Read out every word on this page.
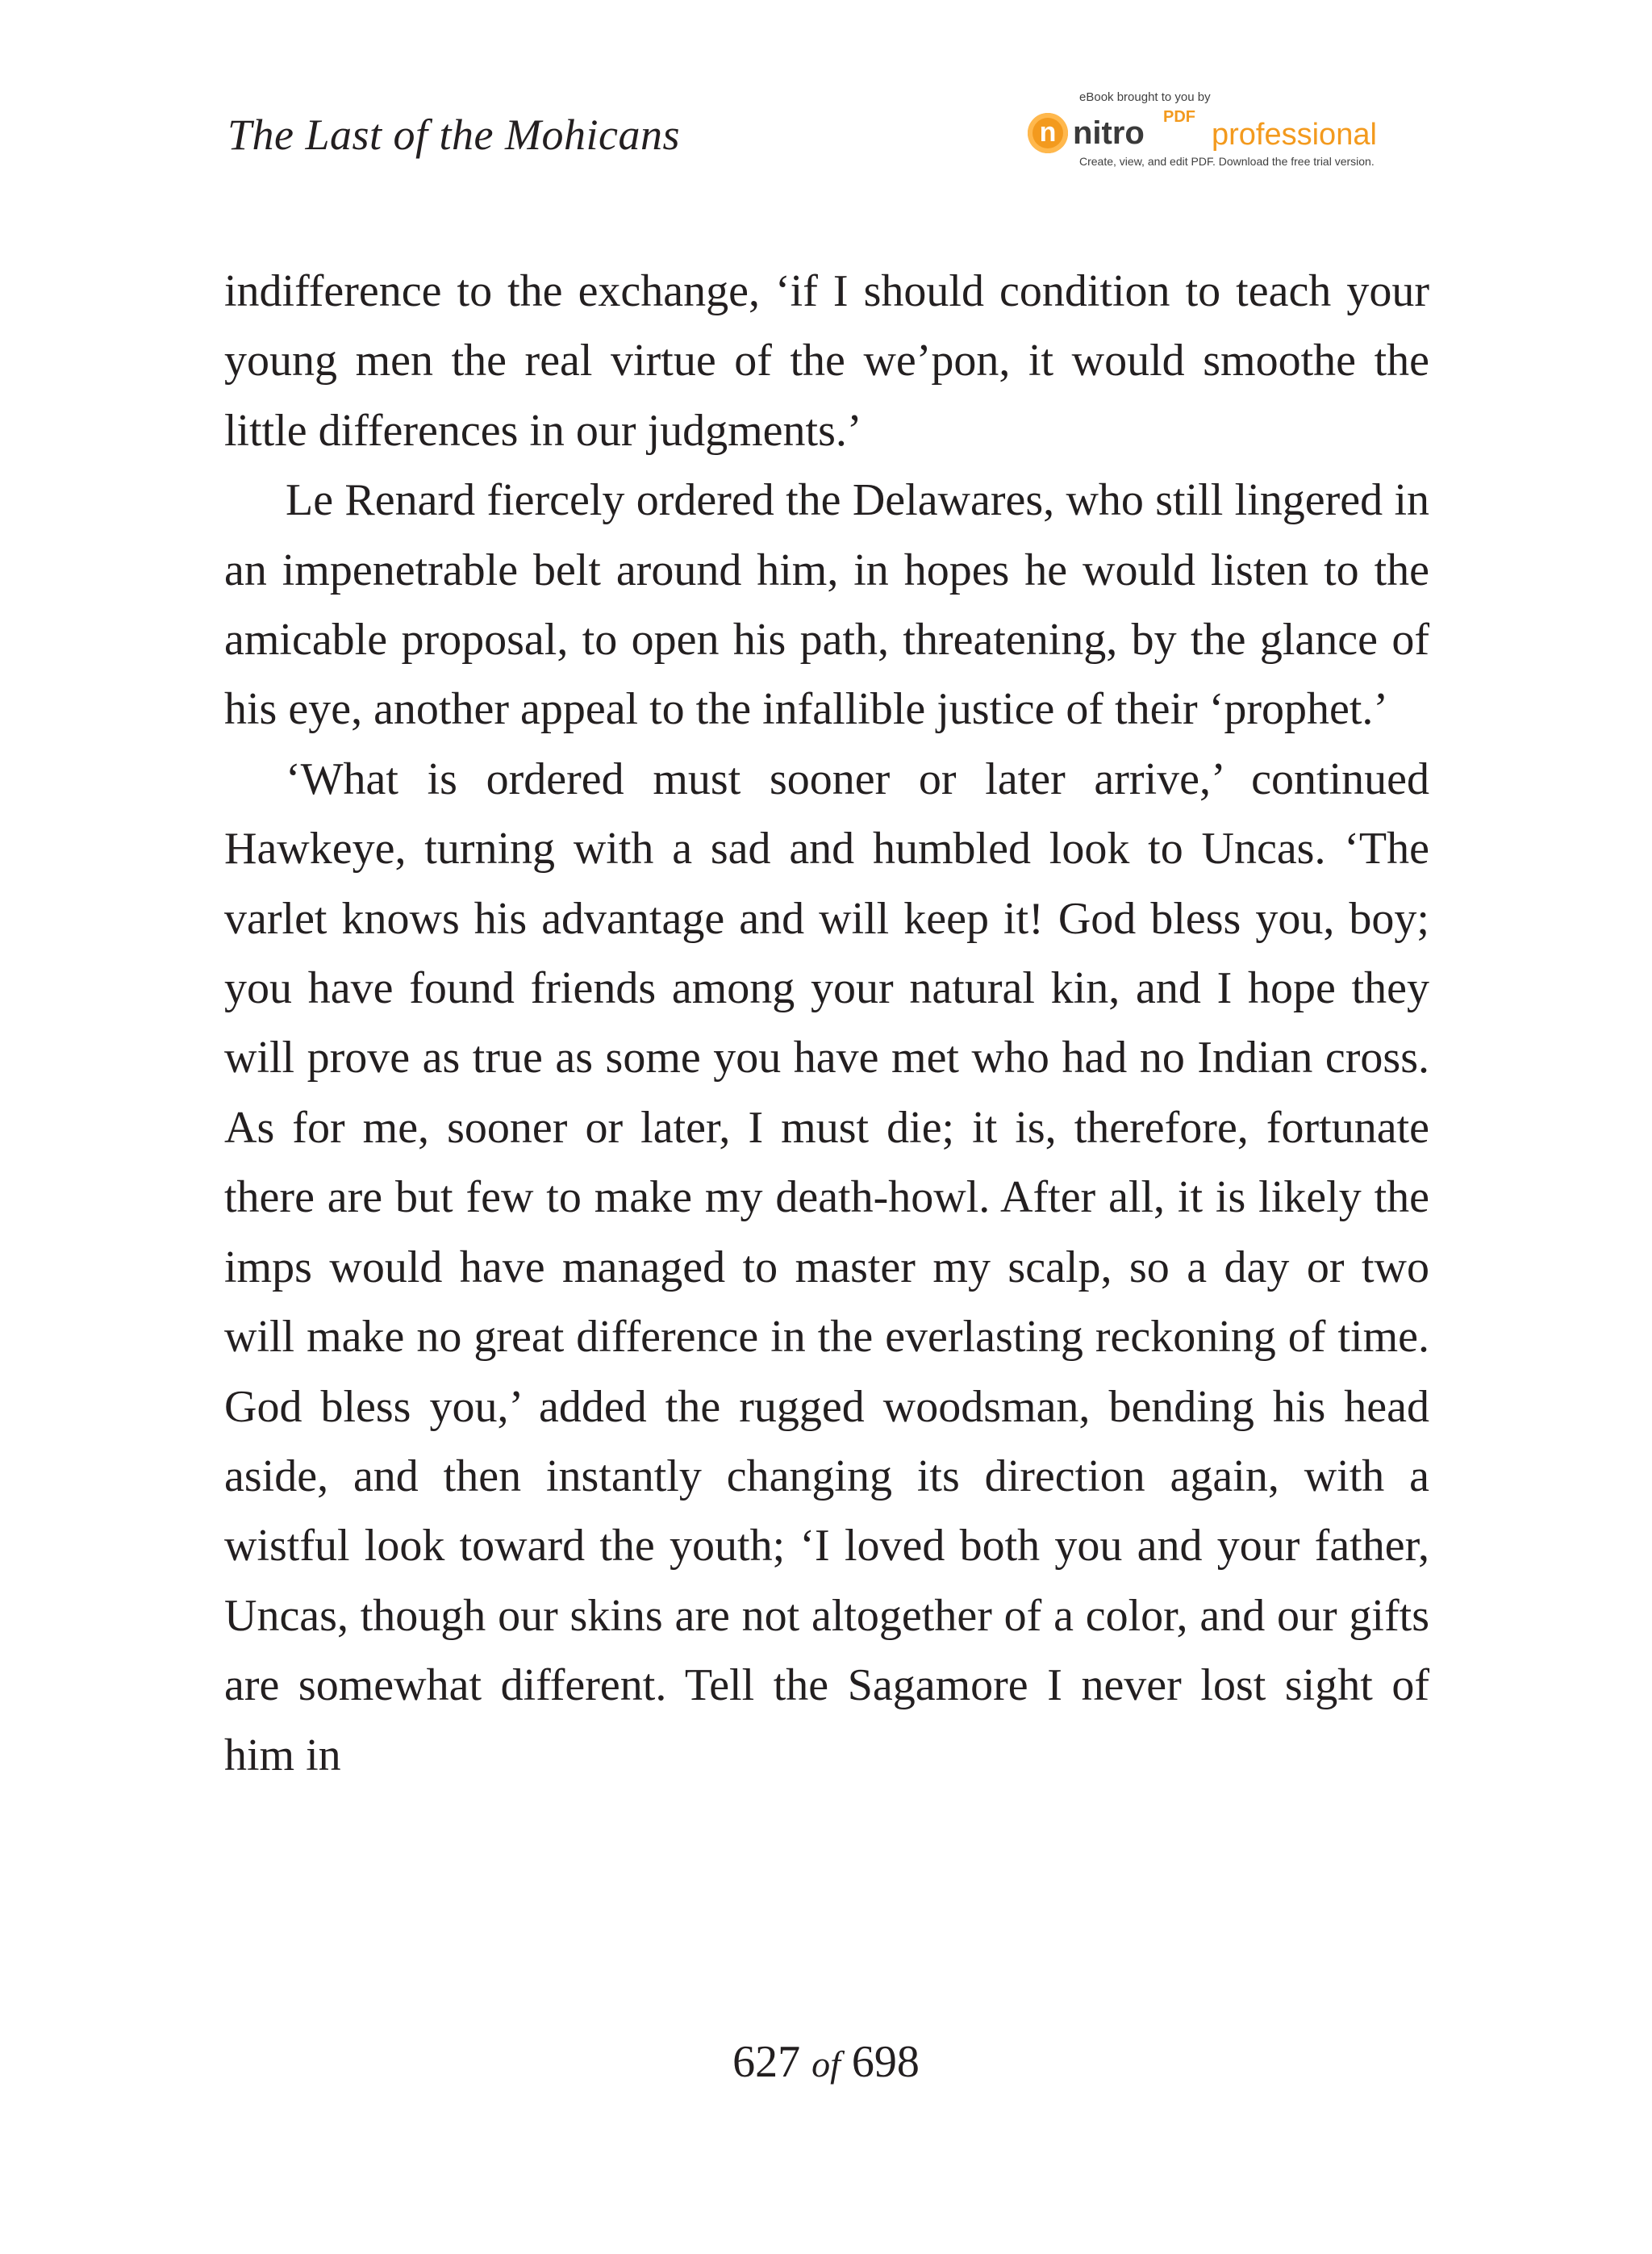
The Last of the Mohicans
eBook brought to you by
n nitro PDF
professional
Create, view, and edit PDF. Download the free trial version.

indifference to the exchange, ‘if I should condition to teach your young men the real virtue of the we’pon, it would smoothe the little differences in our judgments.’

Le Renard fiercely ordered the Delawares, who still lingered in an impenetrable belt around him, in hopes he would listen to the amicable proposal, to open his path, threatening, by the glance of his eye, another appeal to the infallible justice of their ‘prophet.’

‘What is ordered must sooner or later arrive,’ continued Hawkeye, turning with a sad and humbled look to Uncas. ‘The varlet knows his advantage and will keep it! God bless you, boy; you have found friends among your natural kin, and I hope they will prove as true as some you have met who had no Indian cross. As for me, sooner or later, I must die; it is, therefore, fortunate there are but few to make my death-howl. After all, it is likely the imps would have managed to master my scalp, so a day or two will make no great difference in the everlasting reckoning of time. God bless you,’ added the rugged woodsman, bending his head aside, and then instantly changing its direction again, with a wistful look toward the youth; ‘I loved both you and your father, Uncas, though our skins are not altogether of a color, and our gifts are somewhat different. Tell the Sagamore I never lost sight of him in

627 of 698
